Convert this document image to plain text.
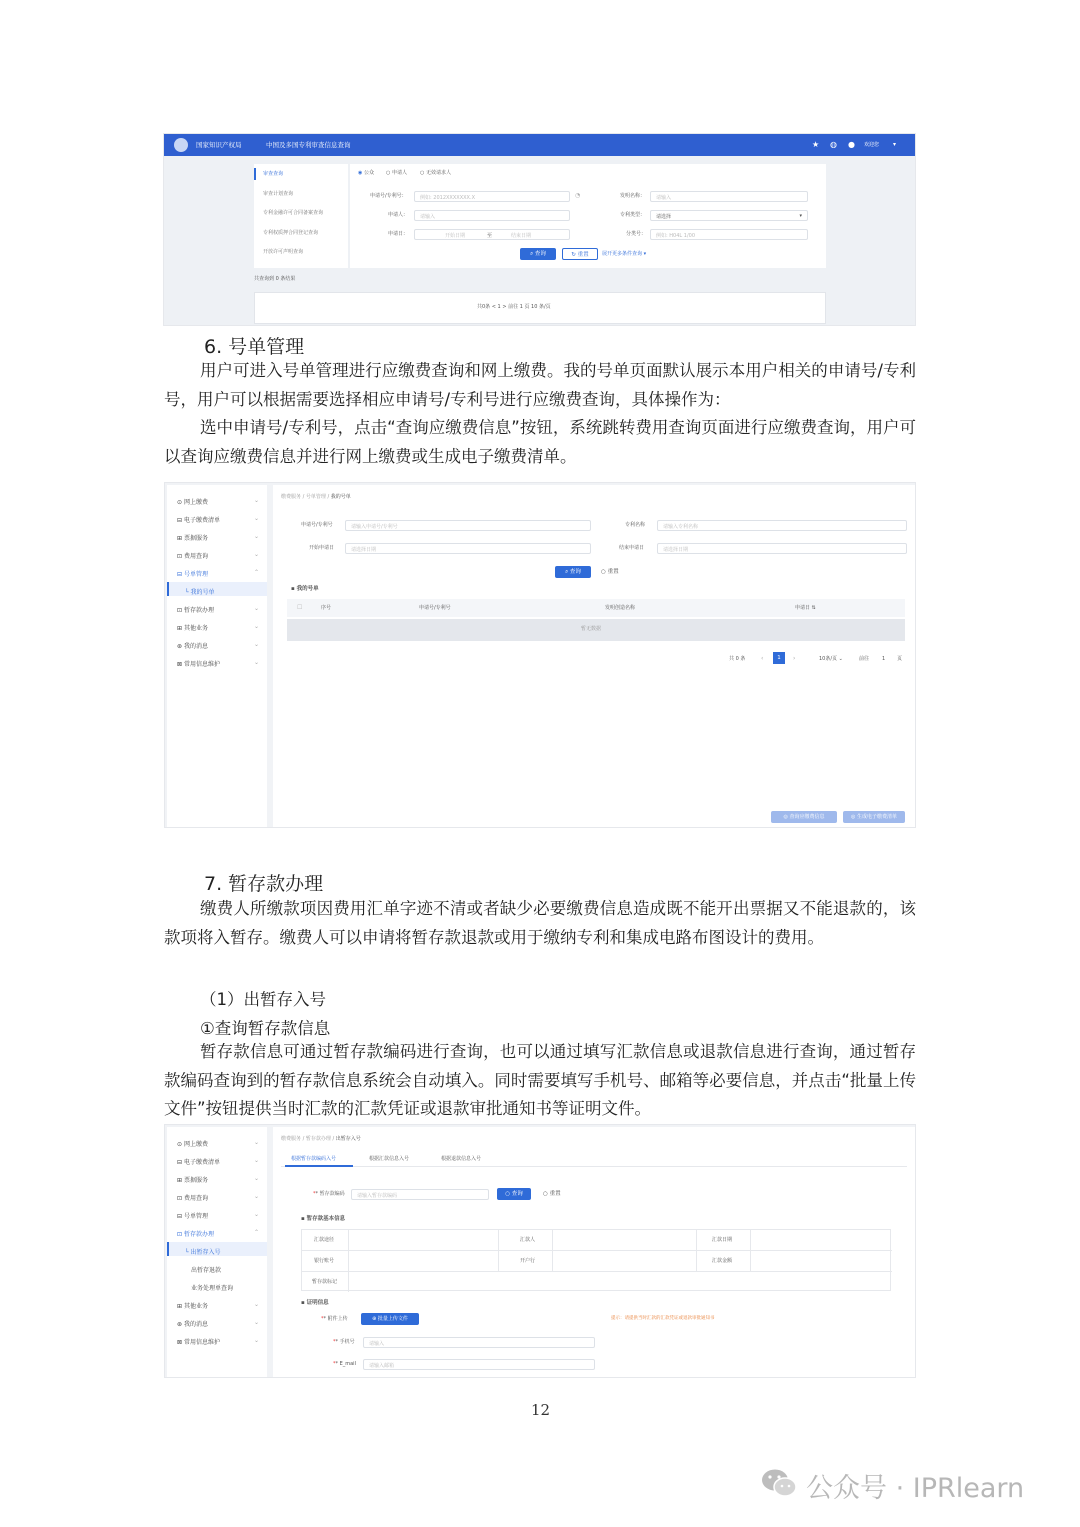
国家知识产权局	中国及多国专利审查信息查询	★ ◍ ● 欢迎您 ▾
审查查询
审查计划查询
专利金融许可合同备案查询
专利权质押合同登记查询
开放许可声明查询
◉ 公众 ○ 申请人	○ 无效请求人
申请号/专利号：	例如: 2012XXXXXXX.X	◔	发明名称： 请输入
申请人： 请输入	专利类型： 请选择	▾
申请日：	开始日期	至	结束日期	分类号： 例如: H04L 1/00
⌕ 查询	↻ 重置	展开更多条件查询 ▾
共查询到 0 条结果
共0条 < 1 > 前往 1 页 10 条/页
6. 号单管理
用户可进入号单管理进行应缴费查询和网上缴费。我的号单页面默认展示本用户相关的申请号/专利号，用户可以根据需要选择相应申请号/专利号进行应缴费查询，具体操作为：
选中申请号/专利号，点击“查询应缴费信息”按钮，系统跳转费用查询页面进行应缴费查询，用户可以查询应缴费信息并进行网上缴费或生成电子缴费清单。
⊙ 网上缴费
⊟ 电子缴费清单
⊞ 票据服务
⊡ 费用查询
⊟ 号单管理
└ 我的号单
⊡ 暂存款办理
⊞ 其他业务
⊛ 我的消息
⊠ 常用信息维护
⌄
⌄
⌄
⌄
⌃
⌄
⌄
⌄
⌄
缴费服务 / 号单管理 / 我的号单
申请号/专利号	请输入申请号/专利号	专利名称	请输入专利名称
开始申请日	请选择日期	结束申请日	请选择日期
⌕ 查询	○ 重置
▪ 我的号单
☐	序号	申请号/专利号	发明创造名称	申请日 ⇅
暂无数据
共 0 条	‹	1	›	10条/页 ⌄	前往	1 页
◎ 查询应缴费信息	◎ 生成电子缴费清单
7. 暂存款办理
缴费人所缴款项因费用汇单字迹不清或者缺少必要缴费信息造成既不能开出票据又不能退款的，该款项将入暂存。缴费人可以申请将暂存款退款或用于缴纳专利和集成电路布图设计的费用。
（1）出暂存入号
①查询暂存款信息
暂存款信息可通过暂存款编码进行查询，也可以通过填写汇款信息或退款信息进行查询，通过暂存款编码查询到的暂存款信息系统会自动填入。同时需要填写手机号、邮箱等必要信息，并点击“批量上传文件”按钮提供当时汇款的汇款凭证或退款审批通知书等证明文件。
⊙ 网上缴费
⊟ 电子缴费清单
⊞ 票据服务
⊡ 费用查询
⊟ 号单管理
⊡ 暂存款办理
└ 出暂存入号
出暂存退款
业务处理单查询
⊞ 其他业务
⊛ 我的消息
⊠ 常用信息维护
⌄
⌄
⌄
⌄
⌄
⌃
⌄
⌄
⌄
缴费服务 / 暂存款办理 / 出暂存入号
根据暂存款编码入号	根据汇款信息入号	根据退款信息入号
** 暂存款编码 请输入暂存款编码	○ 查询	○ 重置
▪ 暂存款基本信息
汇款途径	汇款人	汇款日期
银行账号	开户行	汇款金额
暂存款标记
▪ 证明信息
** 附件上传	⊕ 批量上传文件	提示：请提供当时汇款的汇款凭证或退款审批通知书
** 手机号	请输入
** E_mail	请输入邮箱
12
公众号 · IPRlearn
